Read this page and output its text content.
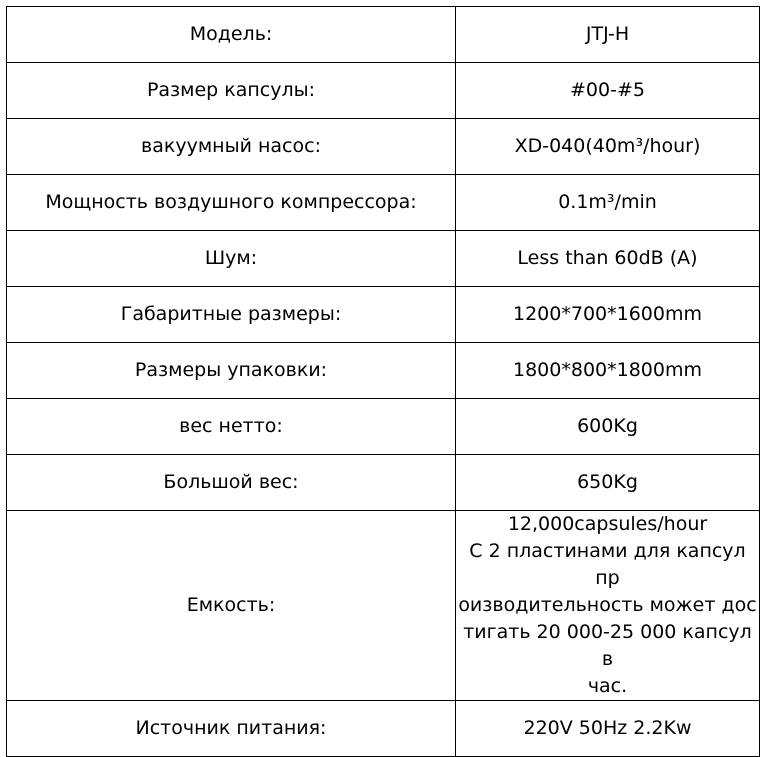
Модель:	JTJ-H
Размер капсулы:	#00-#5
вакуумный насос:	XD-040(40m³/hour)
Мощность воздушного компрессора:	0.1m³/min
Шум:	Less than 60dB (A)
Габаритные размеры:	1200*700*1600mm
Размеры упаковки:	1800*800*1800mm
вес нетто:	600Kg
Большой вес:	650Kg
Емкость:	12,000capsules/hour
С 2 пластинами для капсул пр
оизводительность может дос
тигать 20 000-25 000 капсул в
час.

Источник питания:	220V 50Hz 2.2Kw
